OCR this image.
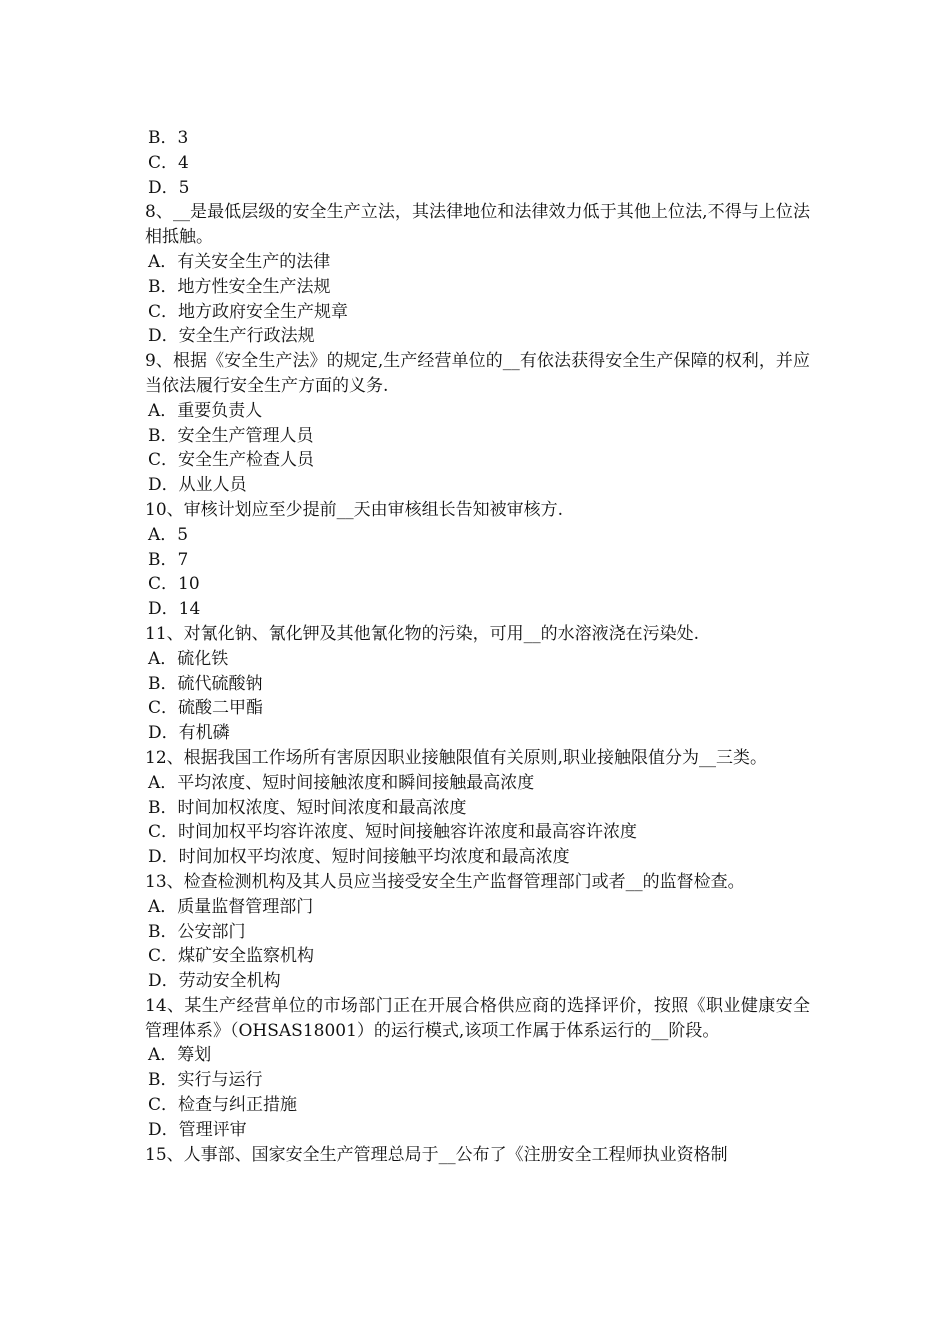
B．3
C．4
D．5
8、__是最低层级的安全生产立法，其法律地位和法律效力低于其他上位法,不得与上位法相抵触。
A．有关安全生产的法律
B．地方性安全生产法规
C．地方政府安全生产规章
D．安全生产行政法规
9、根据《安全生产法》的规定,生产经营单位的__有依法获得安全生产保障的权利，并应当依法履行安全生产方面的义务.
A．重要负责人
B．安全生产管理人员
C．安全生产检查人员
D．从业人员
10、审核计划应至少提前__天由审核组长告知被审核方.
A．5
B．7
C．10
D．14
11、对氰化钠、氰化钾及其他氰化物的污染，可用__的水溶液浇在污染处.
A．硫化铁
B．硫代硫酸钠
C．硫酸二甲酯
D．有机磷
12、根据我国工作场所有害原因职业接触限值有关原则,职业接触限值分为__三类。
A．平均浓度、短时间接触浓度和瞬间接触最高浓度
B．时间加权浓度、短时间浓度和最高浓度
C．时间加权平均容许浓度、短时间接触容许浓度和最高容许浓度
D．时间加权平均浓度、短时间接触平均浓度和最高浓度
13、检查检测机构及其人员应当接受安全生产监督管理部门或者__的监督检查。
A．质量监督管理部门
B．公安部门
C．煤矿安全监察机构
D．劳动安全机构
14、某生产经营单位的市场部门正在开展合格供应商的选择评价，按照《职业健康安全管理体系》（OHSAS18001）的运行模式,该项工作属于体系运行的__阶段。
A．筹划
B．实行与运行
C．检查与纠正措施
D．管理评审
15、人事部、国家安全生产管理总局于__公布了《注册安全工程师执业资格制
